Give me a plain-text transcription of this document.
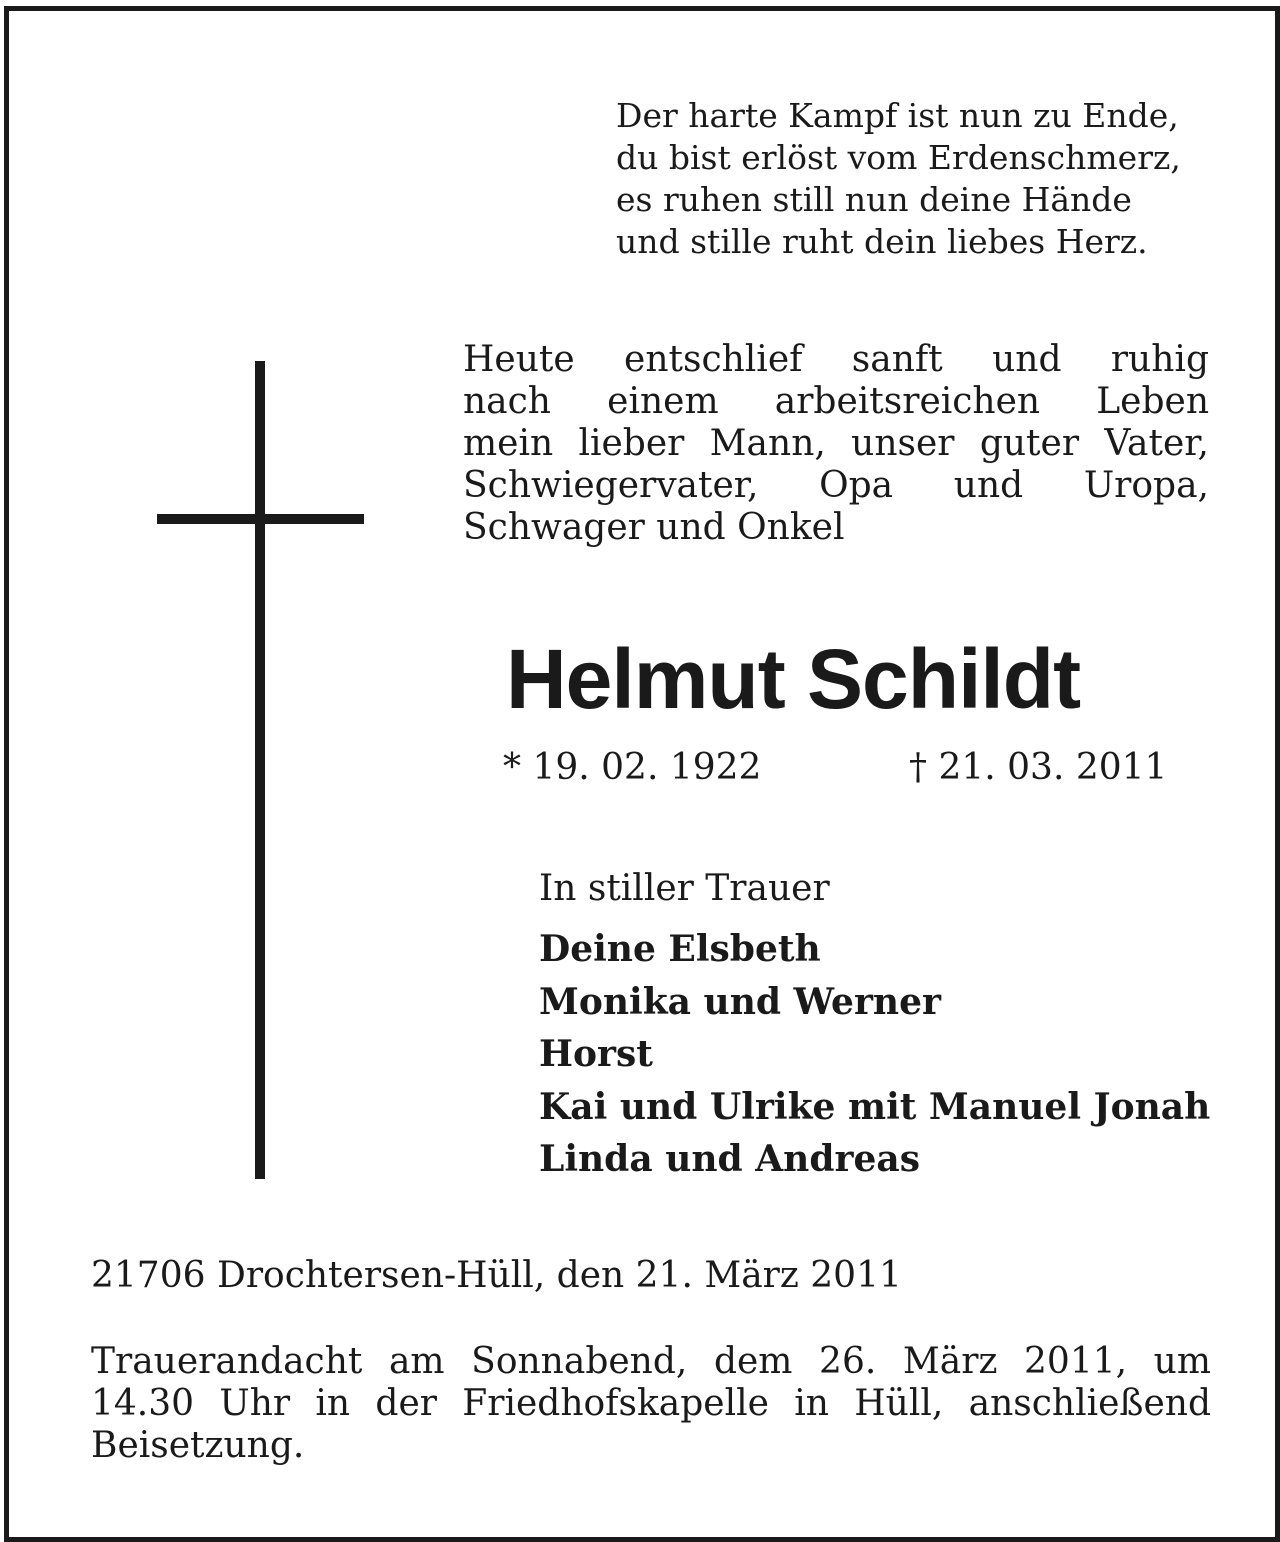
Der harte Kampf ist nun zu Ende,
du bist erlöst vom Erdenschmerz,
es ruhen still nun deine Hände
und stille ruht dein liebes Herz.
Heute entschlief sanft und ruhig
nach einem arbeitsreichen Leben
mein lieber Mann, unser guter Vater,
Schwiegervater, Opa und Uropa,
Schwager und Onkel
Helmut Schildt
* 19. 02. 1922	† 21. 03. 2011
In stiller Trauer
Deine Elsbeth
Monika und Werner
Horst
Kai und Ulrike mit Manuel Jonah
Linda und Andreas
21706 Drochtersen-Hüll, den 21. März 2011
Trauerandacht am Sonnabend, dem 26. März 2011, um
14.30 Uhr in der Friedhofskapelle in Hüll, anschließend
Beisetzung.
